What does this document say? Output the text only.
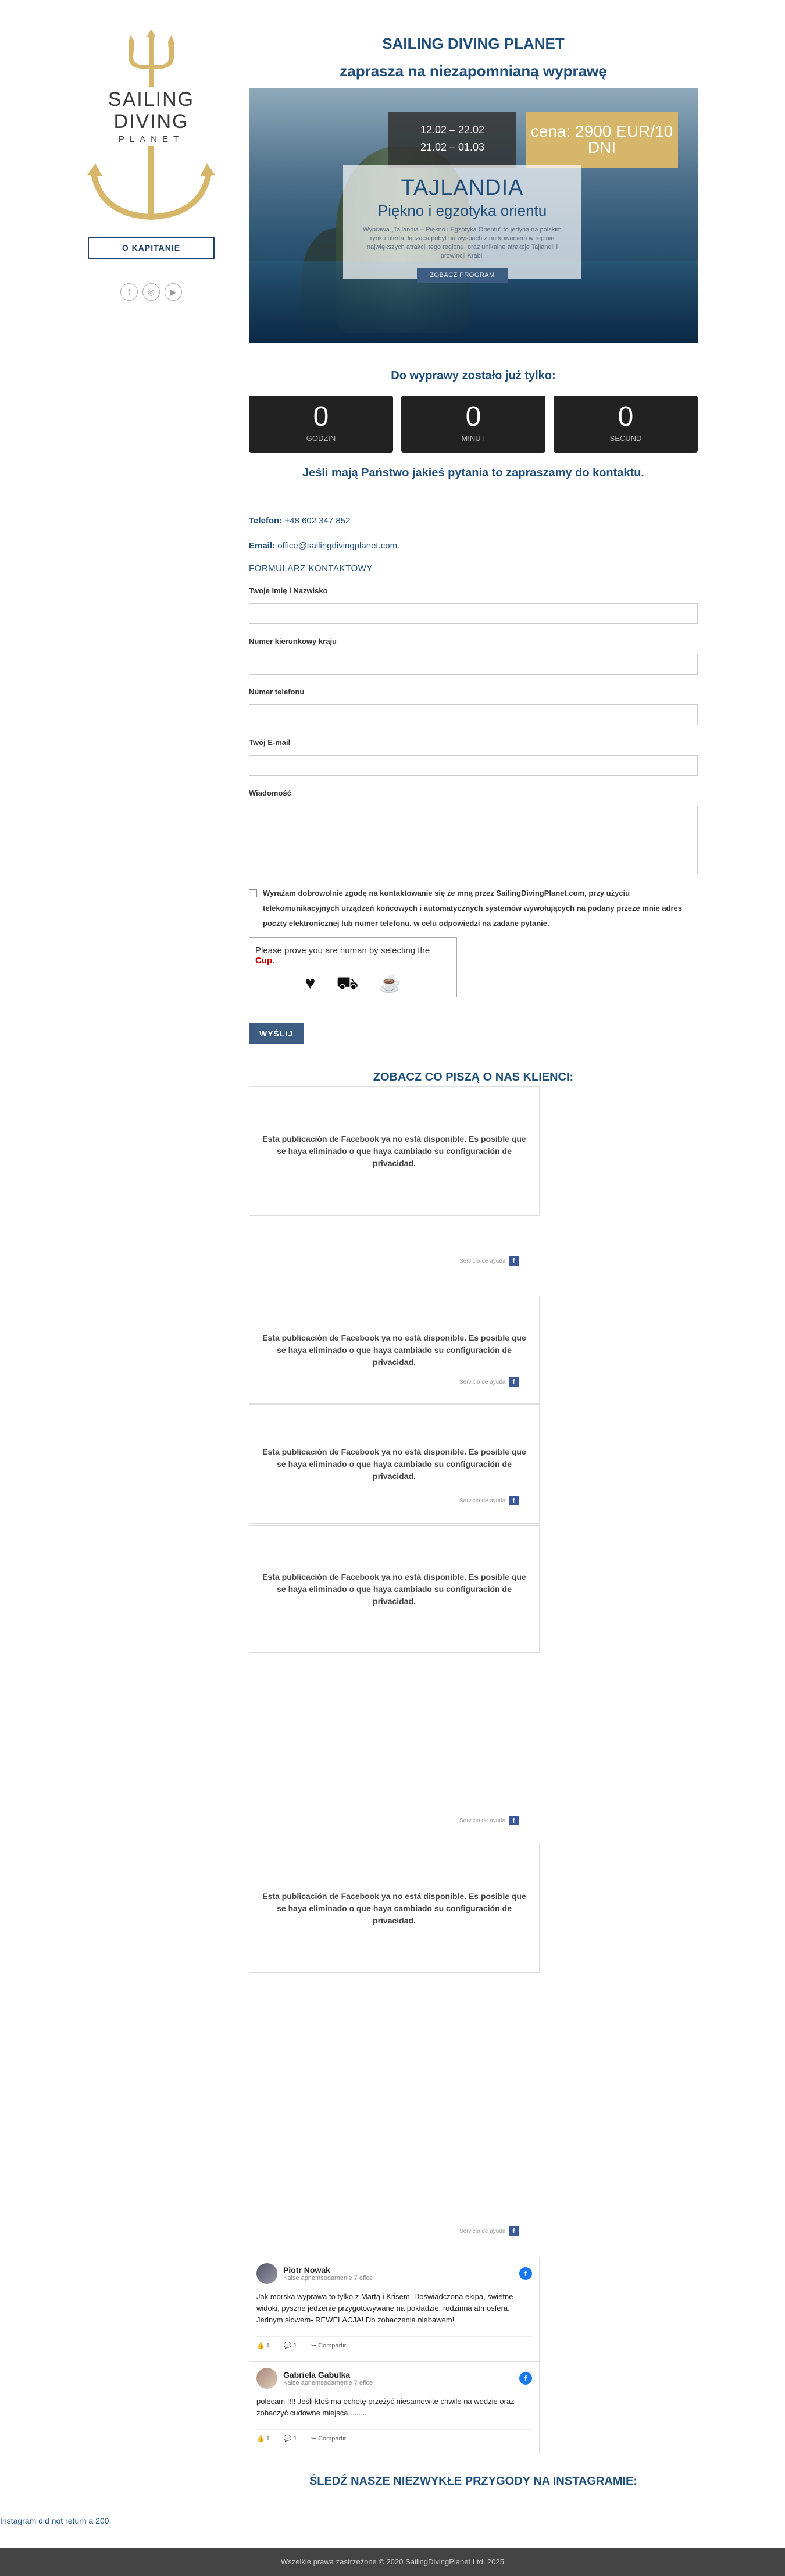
SAILING
DIVING
PLANET
O KAPITANIE
f	◎	▶
SAILING DIVING PLANET
zaprasza na niezapomnianą wyprawę
12.02 – 22.02
21.02 – 01.03
cena: 2900 EUR/10 DNI
TAJLANDIA
Piękno i egzotyka orientu
Wyprawa „Tajlandia – Piękno i Egzotyka Orientu” to jedyna na polskim rynku oferta, łącząca pobyt na wyspach z nurkowaniem w rejonie największych atrakcji tego regionu, oraz unikalne atrakcje Tajlandii i prowincji Krabi.
ZOBACZ PROGRAM
Do wyprawy zostało już tylko:
0
GODZIN
0
MINUT
0
SECUND
Jeśli mają Państwo jakieś pytania to zapraszamy do kontaktu.
Telefon: +48 602 347 852
Email: office@sailingdivingplanet.com.
FORMULARZ KONTAKTOWY
Twoje Imię i Nazwisko
Numer kierunkowy kraju
Numer telefonu
Twój E-mail
Wiadomość
Wyrażam dobrowolnie zgodę na kontaktowanie się ze mną przez SailingDivingPlanet.com, przy użyciu telekomunikacyjnych urządzeń końcowych i automatycznych systemów wywołujących na podany przeze mnie adres poczty elektronicznej lub numer telefonu, w celu odpowiedzi na zadane pytanie.
Please prove you are human by selecting the Cup.
♥ ⛟ ☕
WYŚLIJ
ZOBACZ CO PISZĄ O NAS KLIENCI:
Esta publicación de Facebook ya no está disponible. Es posible que se haya eliminado o que haya cambiado su configuración de privacidad.
Servicio de ayuda	f
Esta publicación de Facebook ya no está disponible. Es posible que se haya eliminado o que haya cambiado su configuración de privacidad.
Servicio de ayuda	f
Esta publicación de Facebook ya no está disponible. Es posible que se haya eliminado o que haya cambiado su configuración de privacidad.
Servicio de ayuda	f
Esta publicación de Facebook ya no está disponible. Es posible que se haya eliminado o que haya cambiado su configuración de privacidad.
Servicio de ayuda	f
Esta publicación de Facebook ya no está disponible. Es posible que se haya eliminado o que haya cambiado su configuración de privacidad.
Servicio de ayuda	f
Piotr Nowak
Kaise apnemsedarnenie 7 efice	f
Jak morska wyprawa to tylko z Martą i Krisem. Doświadczona ekipa, świetne widoki, pyszne jedzenie przygotowywane na pokładzie, rodzinna atmosfera. Jednym słowem- REWELACJA! Do zobaczenia niebawem!
👍 1 💬 1 ↪ Compartir
Gabriela Gabulka
Kaise apnemsedarnenie 7 efice	f
polecam !!!! Jeśli ktoś ma ochotę przeżyć niesamowite chwile na wodzie oraz zobaczyć cudowne miejsca ........
👍 1 💬 1 ↪ Compartir
ŚLEDŹ NASZE NIEZWYKŁE PRZYGODY NA INSTAGRAMIE:
Instagram did not return a 200.
Wszelkie prawa zastrzeżone © 2020 SailingDivingPlanet Ltd. 2025
